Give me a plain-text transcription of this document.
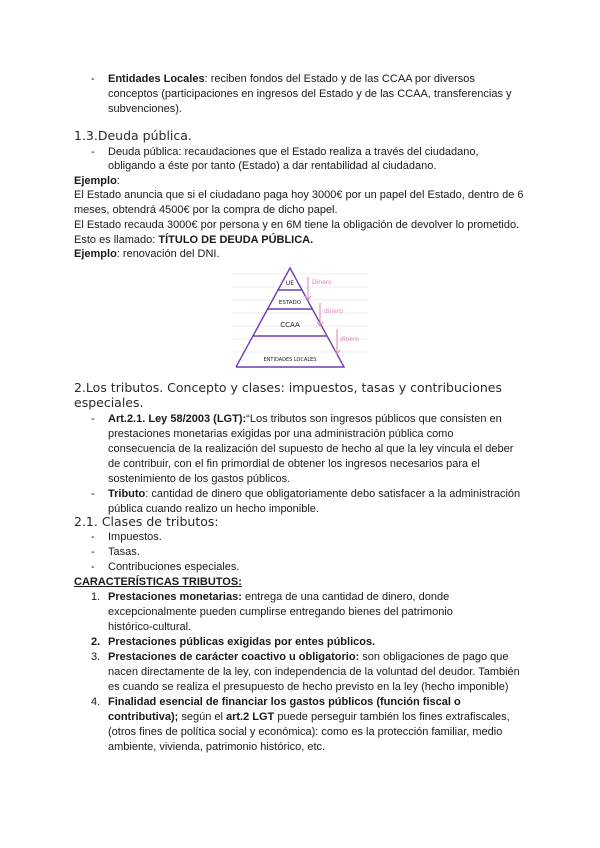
- Entidades Locales: reciben fondos del Estado y de las CCAA por diversos
conceptos (participaciones en ingresos del Estado y de las CCAA, transferencias y
subvenciones).
1.3.Deuda pública.
- Deuda pública: recaudaciones que el Estado realiza a través del ciudadano,
obligando a éste por tanto (Estado) a dar rentabilidad al ciudadano.
Ejemplo:
El Estado anuncia que si el ciudadano paga hoy 3000€ por un papel del Estado, dentro de 6
meses, obtendrá 4500€ por la compra de dicho papel.
El Estado recauda 3000€ por persona y en 6M tiene la obligación de devolver lo prometido.
Esto es llamado: TÍTULO DE DEUDA PÚBLICA.
Ejemplo: renovación del DNI.
UE
ESTADO
CCAA
ENTIDADES LOCALES
Dinero
dinero
dinero
2.Los tributos. Concepto y clases: impuestos, tasas y contribuciones
especiales.
- Art.2.1. Ley 58/2003 (LGT):“Los tributos son ingresos públicos que consisten en
prestaciones monetarias exigidas por una administración pública como
consecuencia de la realización del supuesto de hecho al que la ley vincula el deber
de contribuir, con el fin primordial de obtener los ingresos necesarios para el
sostenimiento de los gastos públicos.
- Tributo: cantidad de dinero que obligatoriamente debo satisfacer a la administración
pública cuando realizo un hecho imponible.
2.1. Clases de tributos:
- Impuestos.
- Tasas.
- Contribuciones especiales.
CARACTERÍSTICAS TRIBUTOS:
1. Prestaciones monetarias: entrega de una cantidad de dinero, donde
excepcionalmente pueden cumplirse entregando bienes del patrimonio
histórico-cultural.
2. Prestaciones públicas exigidas por entes públicos.
3. Prestaciones de carácter coactivo u obligatorio: son obligaciones de pago que
nacen directamente de la ley, con independencia de la voluntad del deudor. También
es cuando se realiza el presupuesto de hecho previsto en la ley (hecho imponible)
4. Finalidad esencial de financiar los gastos públicos (función fiscal o
contributiva); según el art.2 LGT puede perseguir también los fines extrafiscales,
(otros fines de política social y económica): como es la protección familiar, medio
ambiente, vivienda, patrimonio histórico, etc.
